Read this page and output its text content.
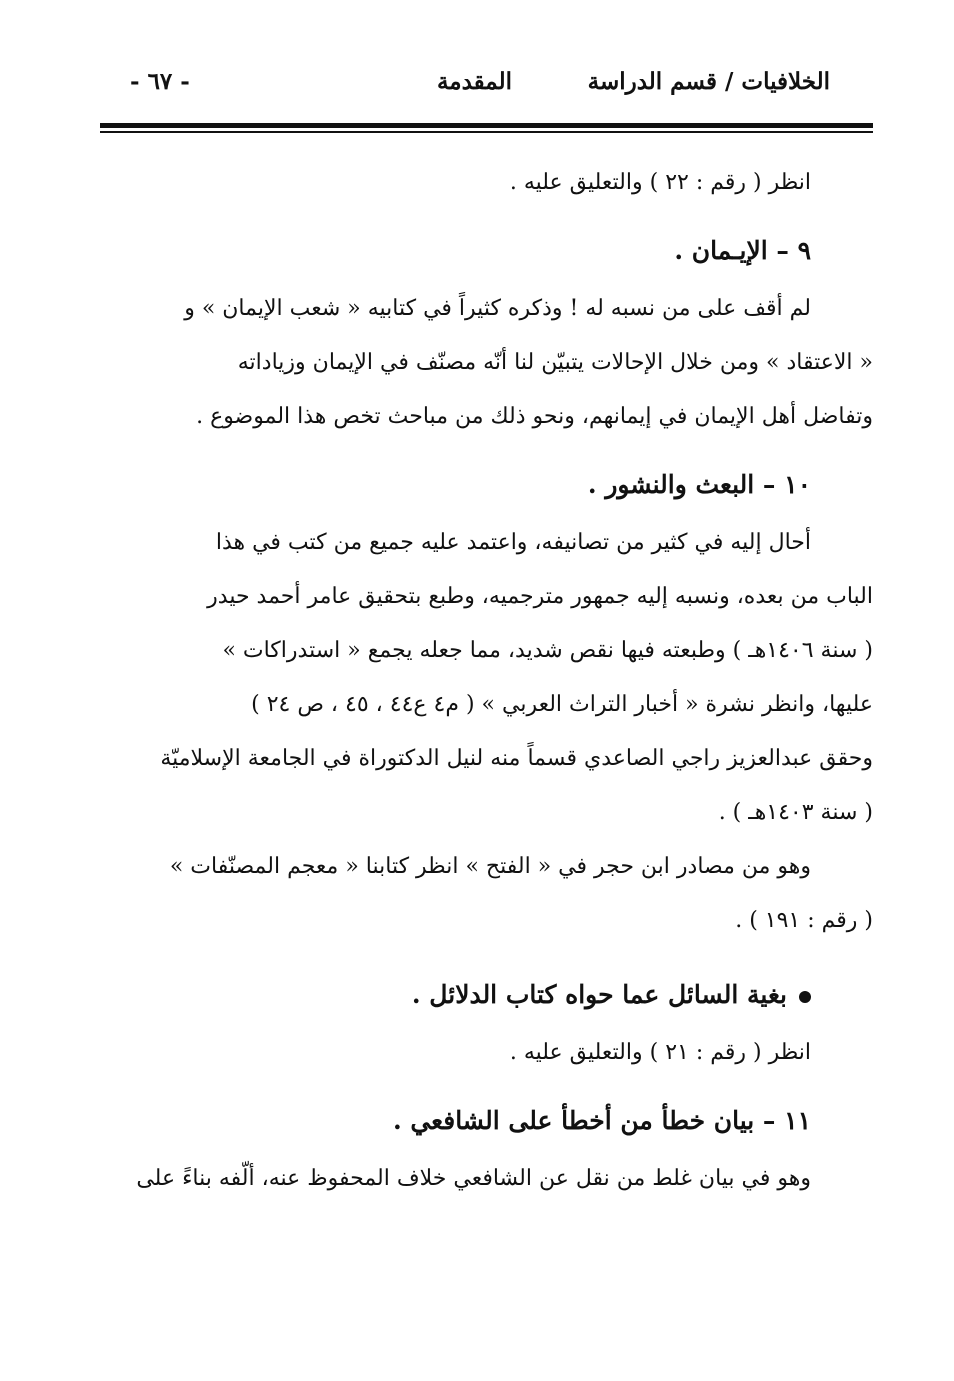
الخلافيات / قسم الدراسة
المقدمة
- ٦٧ -
انظر ( رقم : ٢٢ ) والتعليق عليه .
٩ – الإيـمان .
لم أقف على من نسبه له ! وذكره كثيراً في كتابيه « شعب الإيمان » و
« الاعتقاد » ومن خلال الإحالات يتبيّن لنا أنّه مصنّف في الإيمان وزياداته
وتفاضل أهل الإيمان في إيمانهم، ونحو ذلك من مباحث تخص هذا الموضوع .
١٠ – البعث والنشور .
أحال إليه في كثير من تصانيفه، واعتمد عليه جميع من كتب في هذا
الباب من بعده، ونسبه إليه جمهور مترجميه، وطبع بتحقيق عامر أحمد حيدر
( سنة ١٤٠٦هـ ) وطبعته فيها نقص شديد، مما جعله يجمع « استدراكات »
عليها، وانظر نشرة « أخبار التراث العربي » ( م٤ ع٤٤ ، ٤٥ ، ص ٢٤ )
وحقق عبدالعزيز راجي الصاعدي قسماً منه لنيل الدكتوراة في الجامعة الإسلاميّة
( سنة ١٤٠٣هـ ) .
وهو من مصادر ابن حجر في « الفتح » انظر كتابنا « معجم المصنّفات »
( رقم : ١٩١ ) .
بغية السائل عما حواه كتاب الدلائل .
انظر ( رقم : ٢١ ) والتعليق عليه .
١١ – بيان خطأ من أخطأ على الشافعي .
وهو في بيان غلط من نقل عن الشافعي خلاف المحفوظ عنه، ألّفه بناءً على
